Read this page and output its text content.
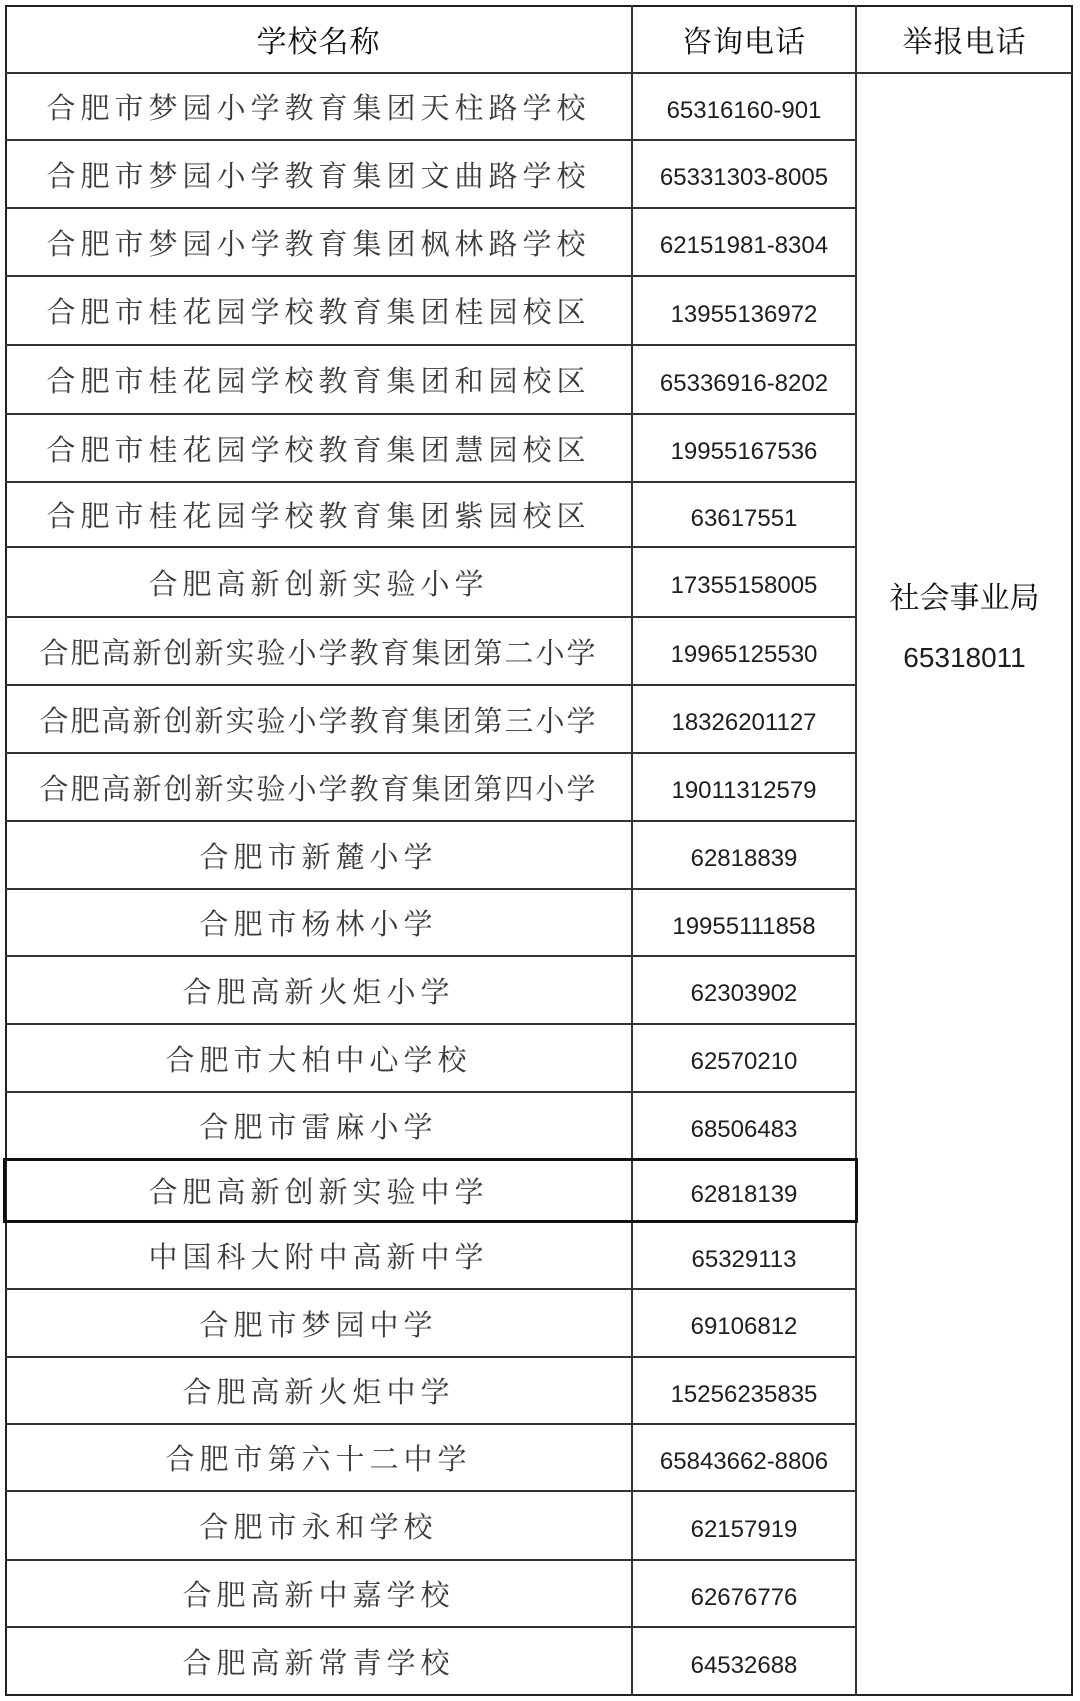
学校名称	咨询电话	举报电话
社会事业局
65318011
合肥市梦园小学教育集团天柱路学校	65316160-901
合肥市梦园小学教育集团文曲路学校	65331303-8005
合肥市梦园小学教育集团枫林路学校	62151981-8304
合肥市桂花园学校教育集团桂园校区	13955136972
合肥市桂花园学校教育集团和园校区	65336916-8202
合肥市桂花园学校教育集团慧园校区	19955167536
合肥市桂花园学校教育集团紫园校区	63617551
合肥高新创新实验小学	17355158005
合肥高新创新实验小学教育集团第二小学	19965125530
合肥高新创新实验小学教育集团第三小学	18326201127
合肥高新创新实验小学教育集团第四小学	19011312579
合肥市新麓小学	62818839
合肥市杨林小学	19955111858
合肥高新火炬小学	62303902
合肥市大柏中心学校	62570210
合肥市雷麻小学	68506483
合肥高新创新实验中学	62818139
中国科大附中高新中学	65329113
合肥市梦园中学	69106812
合肥高新火炬中学	15256235835
合肥市第六十二中学	65843662-8806
合肥市永和学校	62157919
合肥高新中嘉学校	62676776
合肥高新常青学校	64532688
